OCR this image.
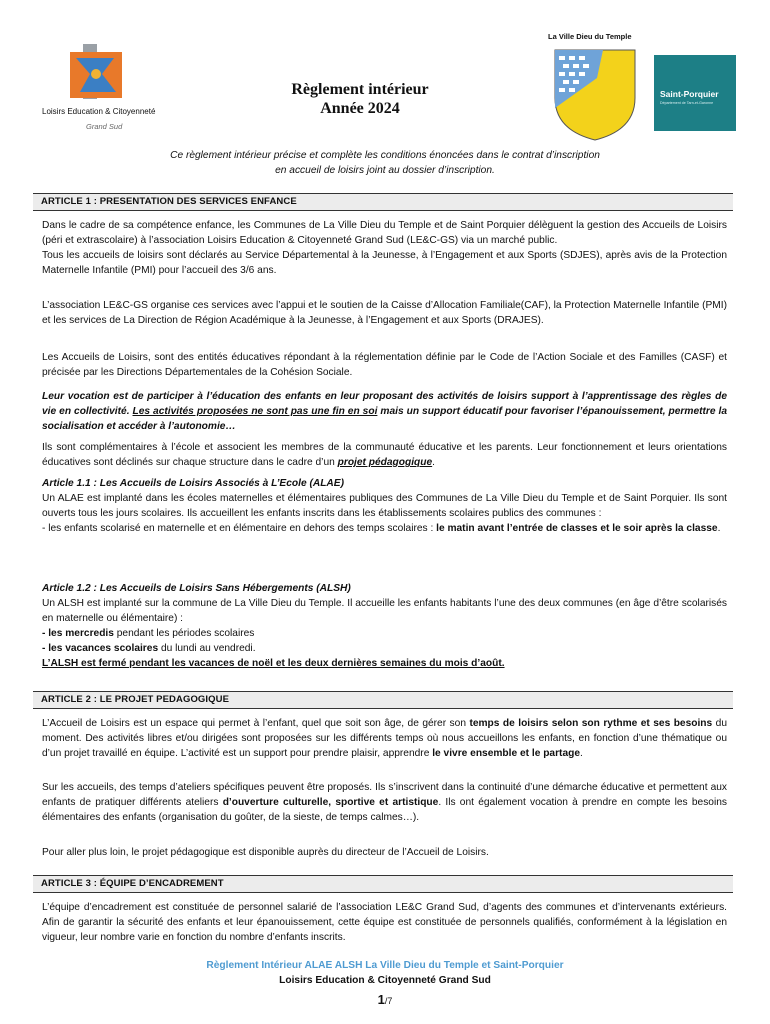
Loisirs Education & Citoyenneté
Grand Sud
Règlement intérieur
Année 2024
La Ville Dieu du Temple
Saint-Porquier
Département de Tarn-et-Garonne
Ce règlement intérieur précise et complète les conditions énoncées dans le contrat d’inscription
en accueil de loisirs joint au dossier d’inscription.
ARTICLE 1 : PRESENTATION DES SERVICES ENFANCE

Dans le cadre de sa compétence enfance, les Communes de La Ville Dieu du Temple et de Saint Porquier délèguent la gestion des Accueils de Loisirs (péri et extrascolaire) à l’association Loisirs Education & Citoyenneté Grand Sud (LE&C-GS) via un marché public.

Tous les accueils de loisirs sont déclarés au Service Départemental à la Jeunesse, à l’Engagement et aux Sports (SDJES), après avis de la Protection Maternelle Infantile (PMI) pour l’accueil des 3/6 ans.

L’association LE&C-GS organise ces services avec l’appui et le soutien de la Caisse d’Allocation Familiale(CAF), la Protection Maternelle Infantile (PMI) et les services de La Direction de Région Académique à la Jeunesse, à l’Engagement et aux Sports (DRAJES).

Les Accueils de Loisirs, sont des entités éducatives répondant à la réglementation définie par le Code de l’Action Sociale et des Familles (CASF) et précisée par les Directions Départementales de la Cohésion Sociale.

Leur vocation est de participer à l’éducation des enfants en leur proposant des activités de loisirs support à l’apprentissage des règles de vie en collectivité. Les activités proposées ne sont pas une fin en soi mais un support éducatif pour favoriser l’épanouissement, permettre la socialisation et accéder à l’autonomie…

Ils sont complémentaires à l’école et associent les membres de la communauté éducative et les parents. Leur fonctionnement et leurs orientations éducatives sont déclinés sur chaque structure dans le cadre d’un projet pédagogique.

Article 1.1 : Les Accueils de Loisirs Associés à L’Ecole (ALAE)

Un ALAE est implanté dans les écoles maternelles et élémentaires publiques des Communes de La Ville Dieu du Temple et de Saint Porquier. Ils sont ouverts tous les jours scolaires. Ils accueillent les enfants inscrits dans les établissements scolaires publics des communes :

- les enfants scolarisé en maternelle et en élémentaire en dehors des temps scolaires : le matin avant l’entrée de classes et le soir après la classe.

Article 1.2 : Les Accueils de Loisirs Sans Hébergements (ALSH)

Un ALSH est implanté sur la commune de La Ville Dieu du Temple. Il accueille les enfants habitants l’une des deux communes (en âge d’être scolarisés en maternelle ou élémentaire) :

- les mercredis pendant les périodes scolaires

- les vacances scolaires du lundi au vendredi.

L’ALSH est fermé pendant les vacances de noël et les deux dernières semaines du mois d’août.

ARTICLE 2 : LE PROJET PEDAGOGIQUE

L’Accueil de Loisirs est un espace qui permet à l’enfant, quel que soit son âge, de gérer son temps de loisirs selon son rythme et ses besoins du moment. Des activités libres et/ou dirigées sont proposées sur les différents temps où nous accueillons les enfants, en fonction d’une thématique ou d’un projet travaillé en équipe. L’activité est un support pour prendre plaisir, apprendre le vivre ensemble et le partage.

Sur les accueils, des temps d’ateliers spécifiques peuvent être proposés. Ils s’inscrivent dans la continuité d’une démarche éducative et permettent aux enfants de pratiquer différents ateliers d’ouverture culturelle, sportive et artistique. Ils ont également vocation à prendre en compte les besoins élémentaires des enfants (organisation du goûter, de la sieste, de temps calmes…).

Pour aller plus loin, le projet pédagogique est disponible auprès du directeur de l’Accueil de Loisirs.

ARTICLE 3 : ÉQUIPE D’ENCADREMENT

L’équipe d’encadrement est constituée de personnel salarié de l’association LE&C Grand Sud, d’agents des communes et d’intervenants extérieurs. Afin de garantir la sécurité des enfants et leur épanouissement, cette équipe est constituée de personnels qualifiés, conformément à la législation en vigueur, leur nombre varie en fonction du nombre d’enfants inscrits.

Règlement Intérieur ALAE ALSH La Ville Dieu du Temple et Saint-Porquier
Loisirs Education & Citoyenneté Grand Sud
1/7
